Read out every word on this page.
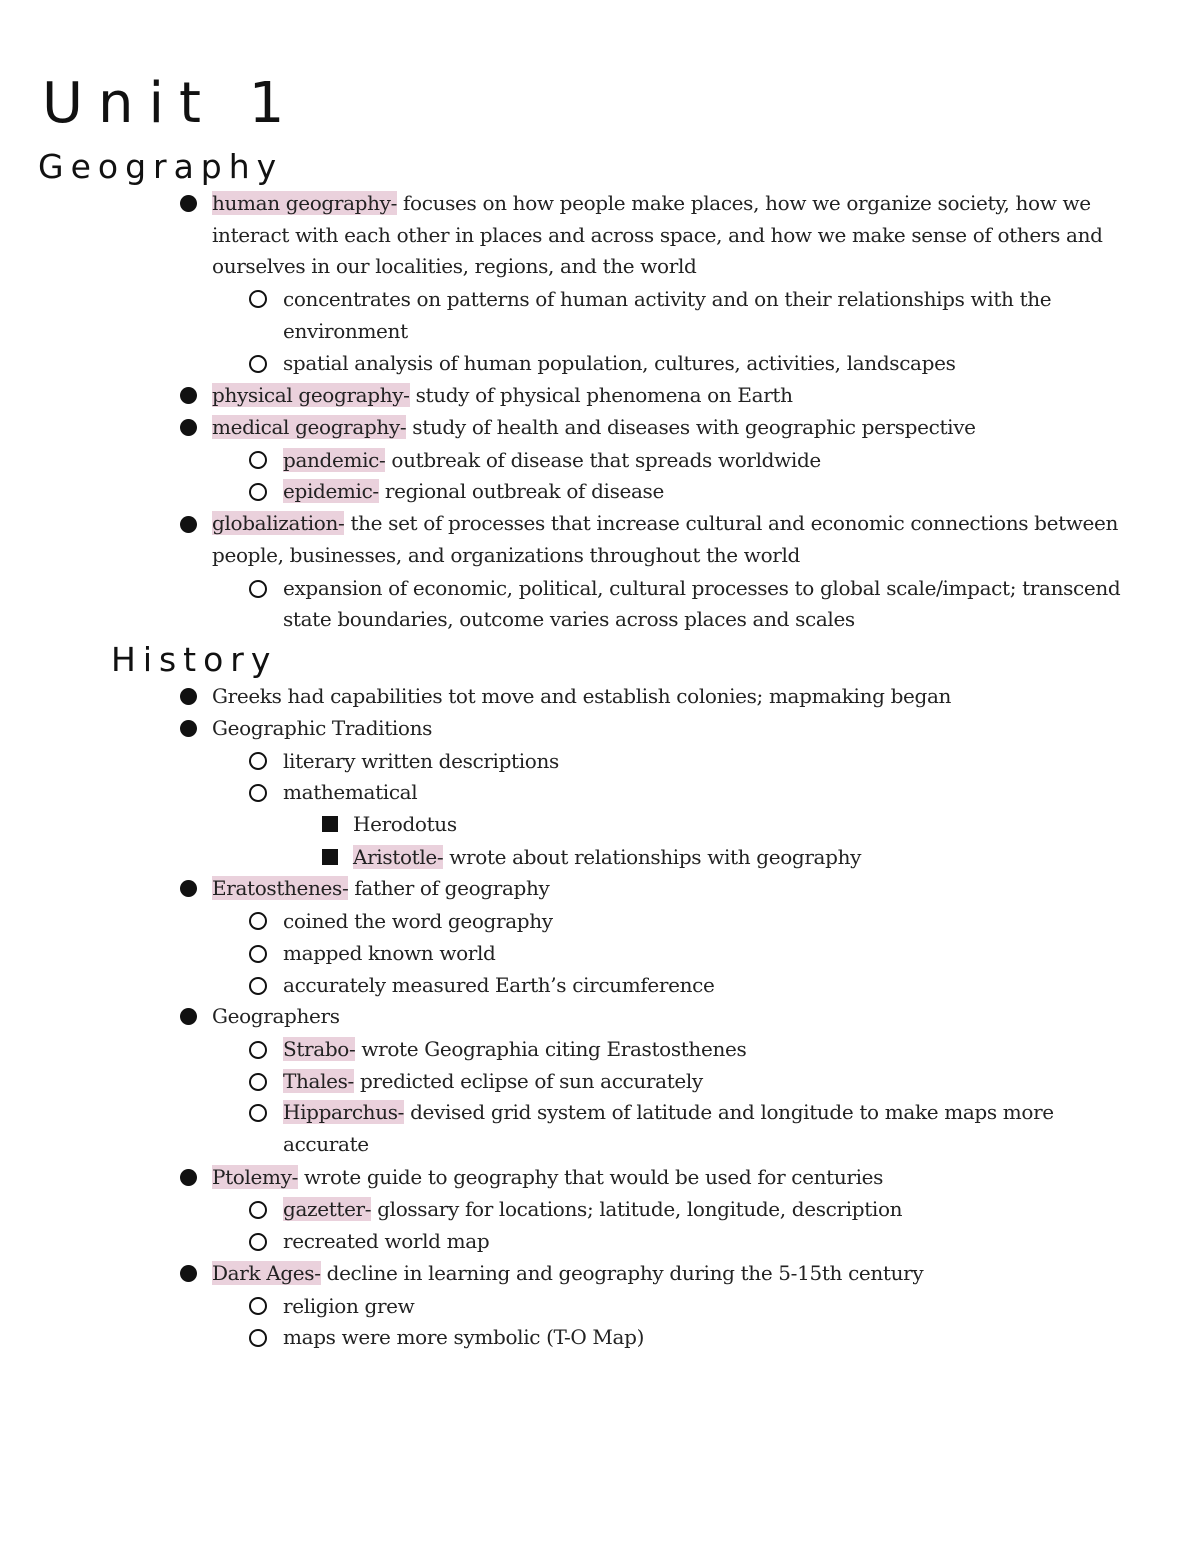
Unit 1
Geography
human geography- focuses on how people make places, how we organize society, how we
interact with each other in places and across space, and how we make sense of others and
ourselves in our localities, regions, and the world
concentrates on patterns of human activity and on their relationships with the
environment
spatial analysis of human population, cultures, activities, landscapes
physical geography- study of physical phenomena on Earth
medical geography- study of health and diseases with geographic perspective
pandemic- outbreak of disease that spreads worldwide
epidemic- regional outbreak of disease
globalization- the set of processes that increase cultural and economic connections between
people, businesses, and organizations throughout the world
expansion of economic, political, cultural processes to global scale/impact; transcend
state boundaries, outcome varies across places and scales
History
Greeks had capabilities tot move and establish colonies; mapmaking began
Geographic Traditions
literary written descriptions
mathematical
Herodotus
Aristotle- wrote about relationships with geography
Eratosthenes- father of geography
coined the word geography
mapped known world
accurately measured Earth’s circumference
Geographers
Strabo- wrote Geographia citing Erastosthenes
Thales- predicted eclipse of sun accurately
Hipparchus- devised grid system of latitude and longitude to make maps more
accurate
Ptolemy- wrote guide to geography that would be used for centuries
gazetter- glossary for locations; latitude, longitude, description
recreated world map
Dark Ages- decline in learning and geography during the 5-15th century
religion grew
maps were more symbolic (T-O Map)
